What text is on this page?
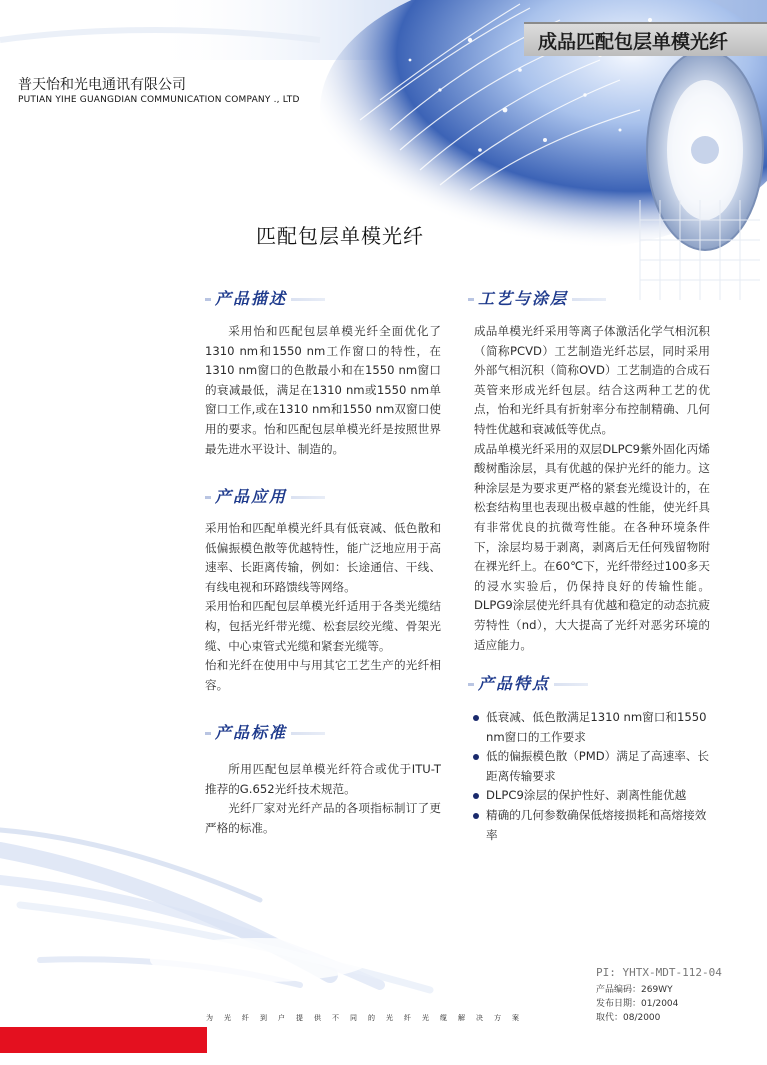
成品匹配包层单模光纤
普天怡和光电通讯有限公司
PUTIAN YIHE GUANGDIAN COMMUNICATION COMPANY ., LTD
匹配包层单模光纤
产品描述

采用怡和匹配包层单模光纤全面优化了1310 nm和1550 nm工作窗口的特性，在1310 nm窗口的色散最小和在1550 nm窗口的衰减最低，满足在1310 nm或1550 nm单窗口工作,或在1310 nm和1550 nm双窗口使用的要求。怡和匹配包层单模光纤是按照世界最先进水平设计、制造的。

产品应用

采用怡和匹配单模光纤具有低衰减、低色散和低偏振模色散等优越特性，能广泛地应用于高速率、长距离传输，例如：长途通信、干线、有线电视和环路馈线等网络。

采用怡和匹配包层单模光纤适用于各类光缆结构，包括光纤带光缆、松套层绞光缆、骨架光缆、中心束管式光缆和紧套光缆等。

怡和光纤在使用中与用其它工艺生产的光纤相容。

产品标准

所用匹配包层单模光纤符合或优于ITU-T推荐的G.652光纤技术规范。

光纤厂家对光纤产品的各项指标制订了更严格的标准。

工艺与涂层

成品单模光纤采用等离子体激活化学气相沉积（简称PCVD）工艺制造光纤芯层，同时采用外部气相沉积（简称OVD）工艺制造的合成石英管来形成光纤包层。结合这两种工艺的优点，怡和光纤具有折射率分布控制精确、几何特性优越和衰减低等优点。

成品单模光纤采用的双层DLPC9紫外固化丙烯酸树酯涂层，具有优越的保护光纤的能力。这种涂层是为要求更严格的紧套光缆设计的，在松套结构里也表现出极卓越的性能，使光纤具有非常优良的抗微弯性能。在各种环境条件下，涂层均易于剥离，剥离后无任何残留物附在裸光纤上。在60℃下，光纤带经过100多天的浸水实验后，仍保持良好的传输性能。DLPG9涂层使光纤具有优越和稳定的动态抗疲劳特性（nd），大大提高了光纤对恶劣环境的适应能力。

产品特点
低衰减、低色散满足1310 nm窗口和1550 nm窗口的工作要求
低的偏振模色散（PMD）满足了高速率、长距离传输要求
DLPC9涂层的保护性好、剥离性能优越
精确的几何参数确保低熔接损耗和高熔接效率
PI: YHTX-MDT-112-04
产品编码：269WY
发布日期：01/2004
取代：08/2000
为光纤到户提供不同的光纤光缆解决方案
